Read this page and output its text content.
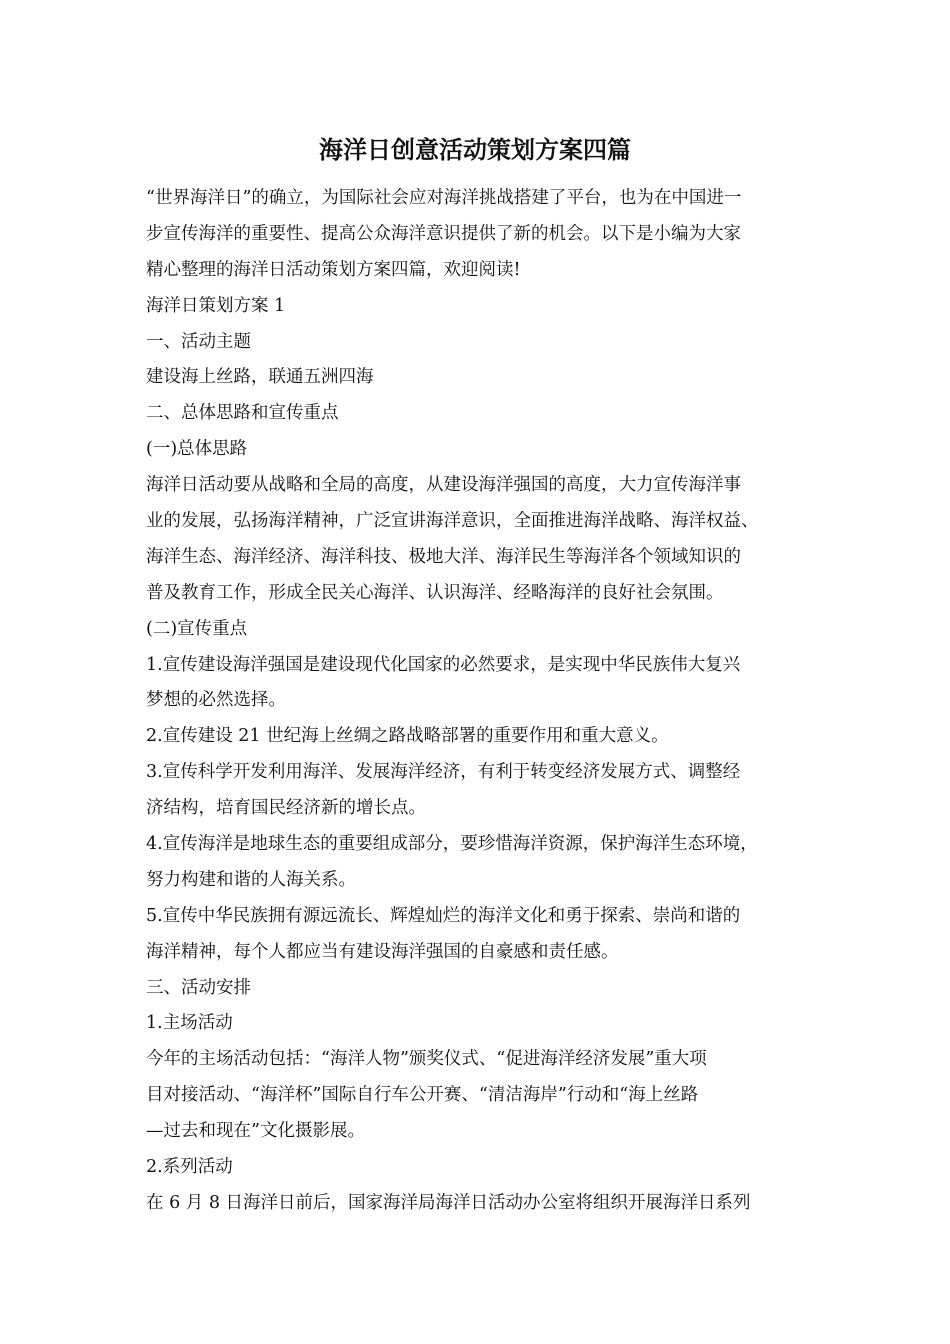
海洋日创意活动策划方案四篇
“世界海洋日”的确立，为国际社会应对海洋挑战搭建了平台，也为在中国进一
步宣传海洋的重要性、提高公众海洋意识提供了新的机会。以下是小编为大家
精心整理的海洋日活动策划方案四篇，欢迎阅读!
海洋日策划方案 1
一、活动主题
建设海上丝路，联通五洲四海
二、总体思路和宣传重点
(一)总体思路
海洋日活动要从战略和全局的高度，从建设海洋强国的高度，大力宣传海洋事
业的发展，弘扬海洋精神，广泛宣讲海洋意识，全面推进海洋战略、海洋权益、
海洋生态、海洋经济、海洋科技、极地大洋、海洋民生等海洋各个领域知识的
普及教育工作，形成全民关心海洋、认识海洋、经略海洋的良好社会氛围。
(二)宣传重点
1.宣传建设海洋强国是建设现代化国家的必然要求，是实现中华民族伟大复兴
梦想的必然选择。
2.宣传建设 21 世纪海上丝绸之路战略部署的重要作用和重大意义。
3.宣传科学开发利用海洋、发展海洋经济，有利于转变经济发展方式、调整经
济结构，培育国民经济新的增长点。
4.宣传海洋是地球生态的重要组成部分，要珍惜海洋资源，保护海洋生态环境，
努力构建和谐的人海关系。
5.宣传中华民族拥有源远流长、辉煌灿烂的海洋文化和勇于探索、崇尚和谐的
海洋精神，每个人都应当有建设海洋强国的自豪感和责任感。
三、活动安排
1.主场活动
今年的主场活动包括：“海洋人物”颁奖仪式、“促进海洋经济发展”重大项
目对接活动、“海洋杯”国际自行车公开赛、“清洁海岸”行动和“海上丝路
—过去和现在”文化摄影展。
2.系列活动
在 6 月 8 日海洋日前后，国家海洋局海洋日活动办公室将组织开展海洋日系列
